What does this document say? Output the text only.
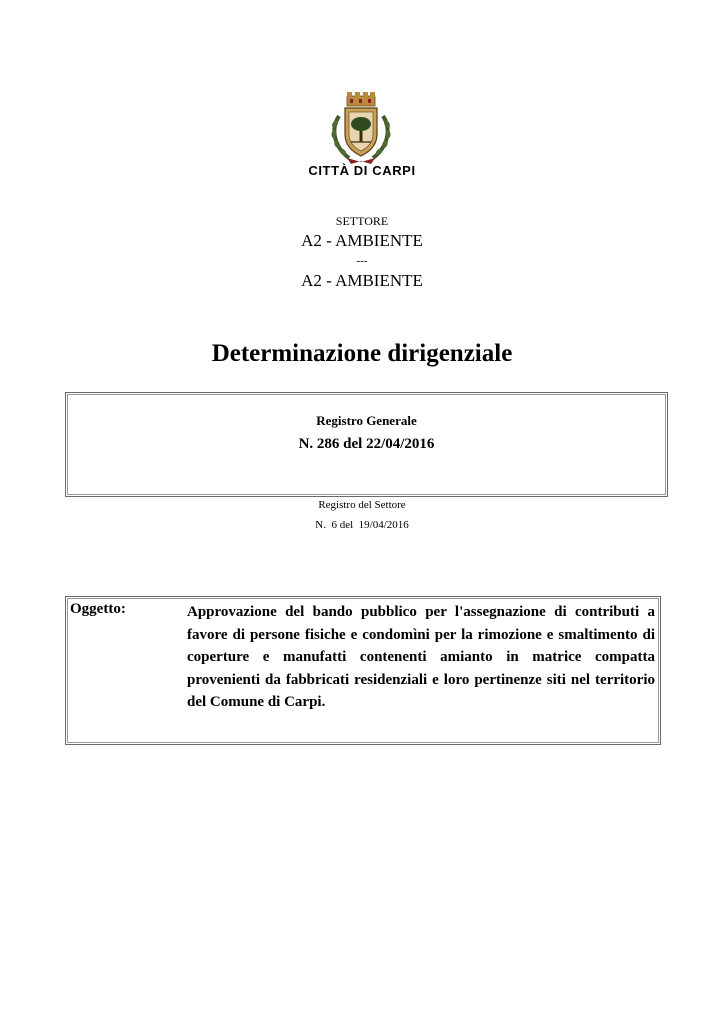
CITTÀ DI CARPI
SETTORE
A2 - AMBIENTE
---
A2 - AMBIENTE
Determinazione dirigenziale
Registro Generale
N. 286 del 22/04/2016
Registro del Settore
N.  6 del  19/04/2016
Oggetto:	Approvazione del bando pubblico per l'assegnazione di contributi a favore di persone fisiche e condomìni per la rimozione e smaltimento di coperture e manufatti contenenti amianto in matrice compatta provenienti da fabbricati residenziali e loro pertinenze siti nel territorio del Comune di Carpi.
